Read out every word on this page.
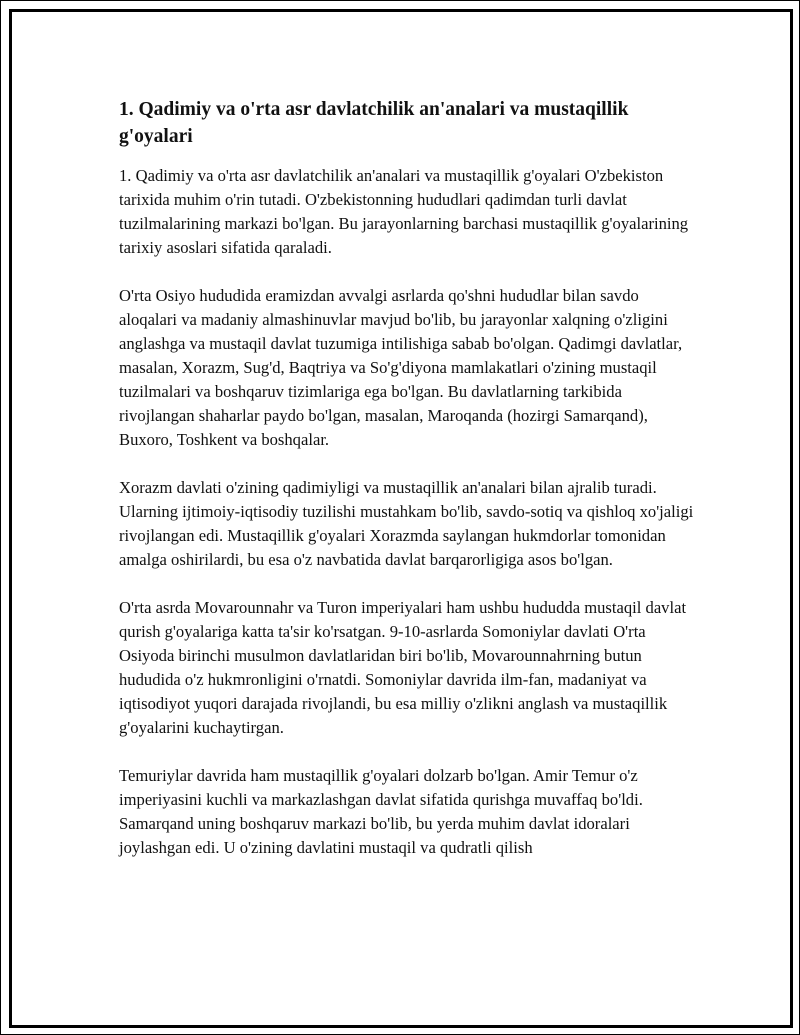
1. Qadimiy va o'rta asr davlatchilik an'analari va mustaqillik g'oyalari

1. Qadimiy va o'rta asr davlatchilik an'analari va mustaqillik g'oyalari O'zbekiston tarixida muhim o'rin tutadi. O'zbekistonning hududlari qadimdan turli davlat tuzilmalarining markazi bo'lgan. Bu jarayonlarning barchasi mustaqillik g'oyalarining tarixiy asoslari sifatida qaraladi.

O'rta Osiyo hududida eramizdan avvalgi asrlarda qo'shni hududlar bilan savdo aloqalari va madaniy almashinuvlar mavjud bo'lib, bu jarayonlar xalqning o'zligini anglashga va mustaqil davlat tuzumiga intilishiga sabab bo'olgan. Qadimgi davlatlar, masalan, Xorazm, Sug'd, Baqtriya va So'g'diyona mamlakatlari o'zining mustaqil tuzilmalari va boshqaruv tizimlariga ega bo'lgan. Bu davlatlarning tarkibida rivojlangan shaharlar paydo bo'lgan, masalan, Maroqanda (hozirgi Samarqand), Buxoro, Toshkent va boshqalar.

Xorazm davlati o'zining qadimiyligi va mustaqillik an'analari bilan ajralib turadi. Ularning ijtimoiy-iqtisodiy tuzilishi mustahkam bo'lib, savdo-sotiq va qishloq xo'jaligi rivojlangan edi. Mustaqillik g'oyalari Xorazmda saylangan hukmdorlar tomonidan amalga oshirilardi, bu esa o'z navbatida davlat barqarorligiga asos bo'lgan.

O'rta asrda Movarounnahr va Turon imperiyalari ham ushbu hududda mustaqil davlat qurish g'oyalariga katta ta'sir ko'rsatgan. 9-10-asrlarda Somoniylar davlati O'rta Osiyoda birinchi musulmon davlatlaridan biri bo'lib, Movarounnahrning butun hududida o'z hukmronligini o'rnatdi. Somoniylar davrida ilm-fan, madaniyat va iqtisodiyot yuqori darajada rivojlandi, bu esa milliy o'zlikni anglash va mustaqillik g'oyalarini kuchaytirgan.

Temuriylar davrida ham mustaqillik g'oyalari dolzarb bo'lgan. Amir Temur o'z imperiyasini kuchli va markazlashgan davlat sifatida qurishga muvaffaq bo'ldi. Samarqand uning boshqaruv markazi bo'lib, bu yerda muhim davlat idoralari joylashgan edi. U o'zining davlatini mustaqil va qudratli qilish
